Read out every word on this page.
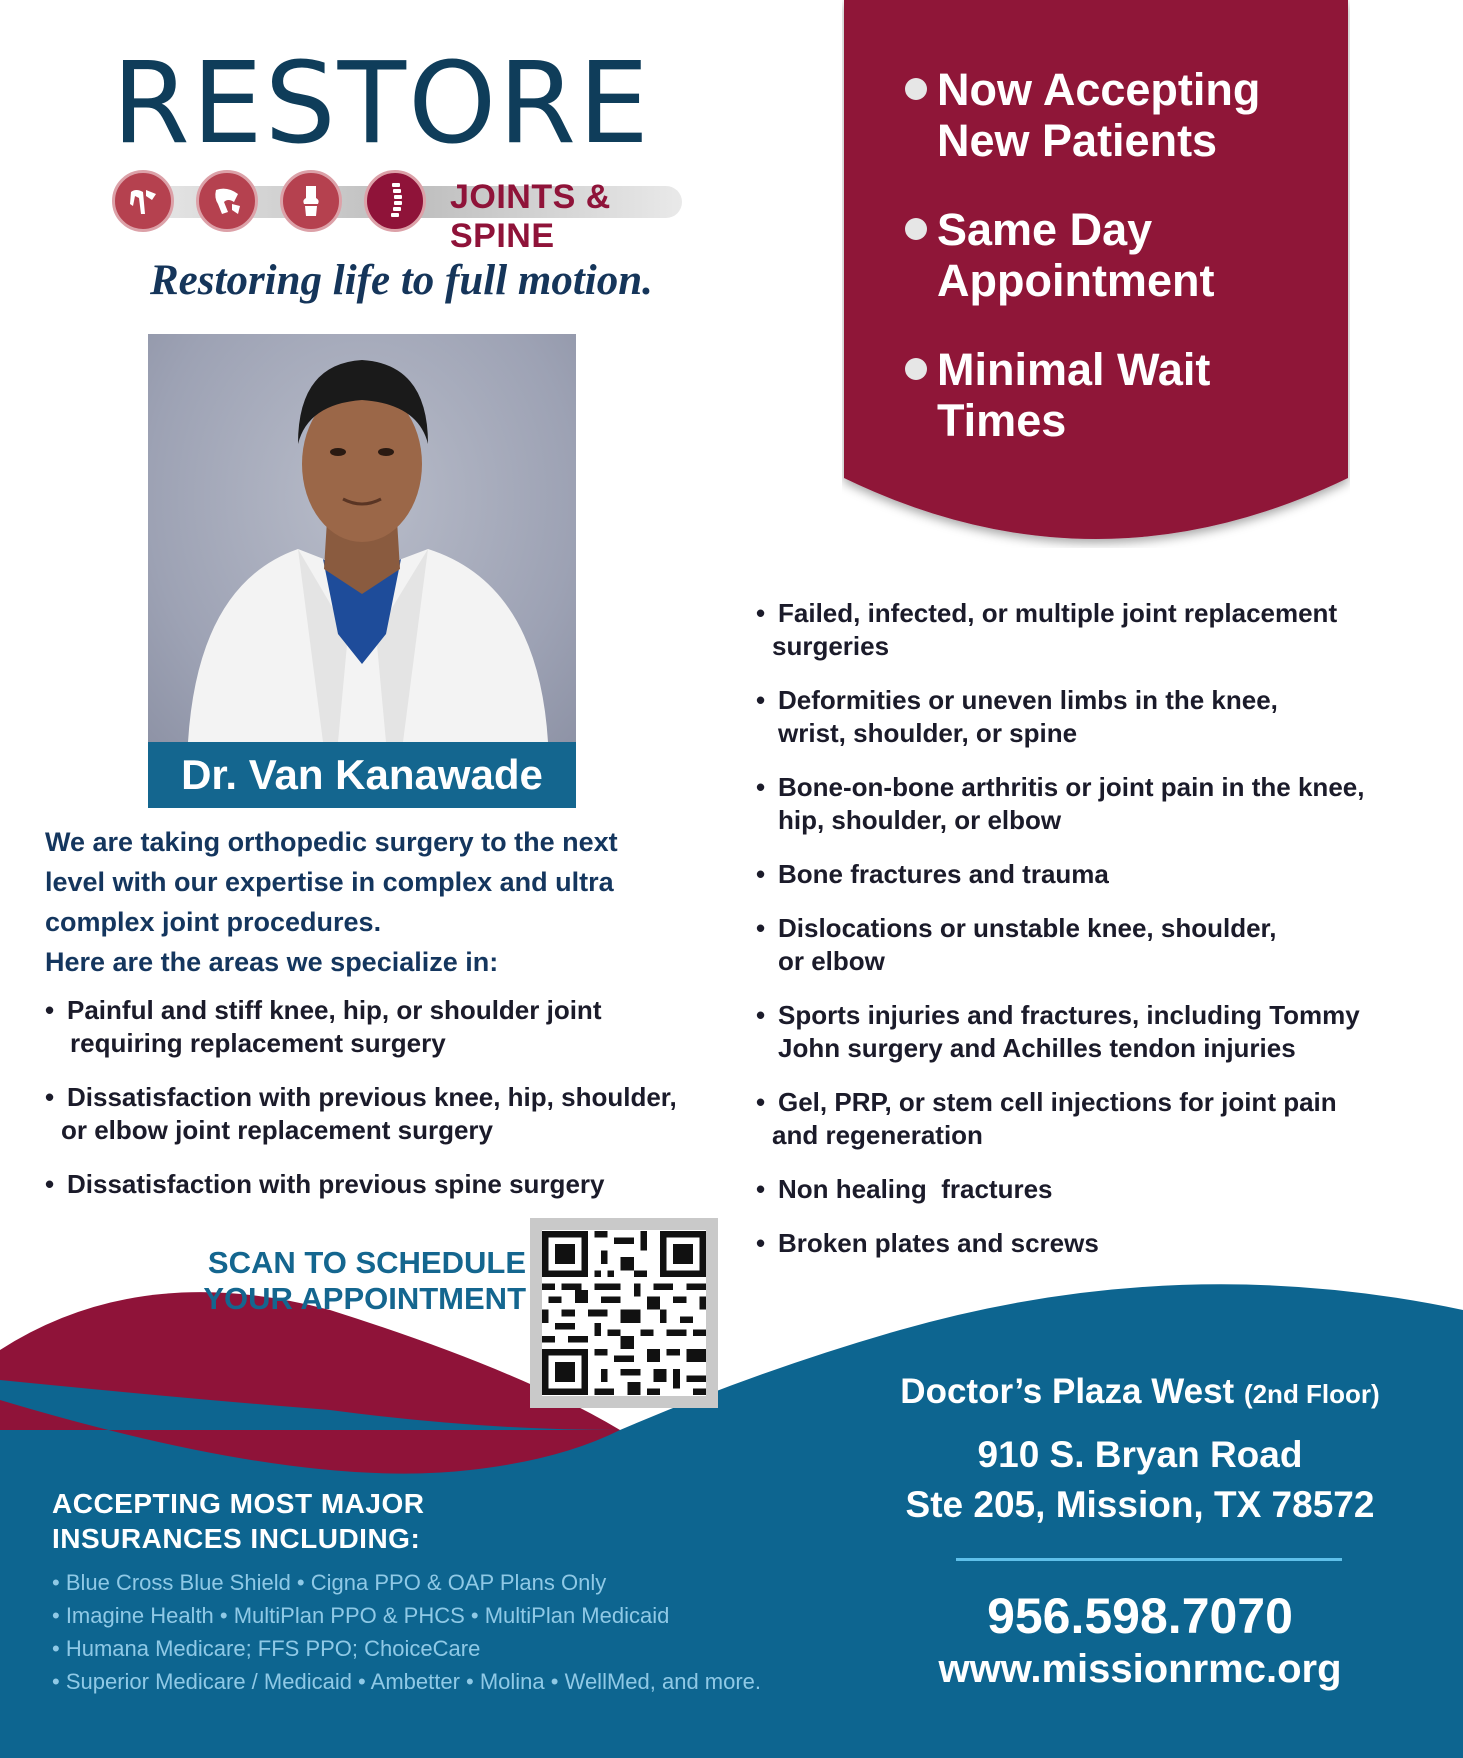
RESTORE
JOINTS & SPINE
Restoring life to full motion.
Dr. Van Kanawade
Now Accepting
New Patients
Same Day
Appointment
Minimal Wait
Times
We are taking orthopedic surgery to the next
level with our expertise in complex and ultra
complex joint procedures.
Here are the areas we specialize in:
• Painful and stiff knee, hip, or shoulder joint
requiring replacement surgery
• Dissatisfaction with previous knee, hip, shoulder,
or elbow joint replacement surgery
• Dissatisfaction with previous spine surgery
• Failed, infected, or multiple joint replacement
surgeries
• Deformities or uneven limbs in the knee,
wrist, shoulder, or spine
• Bone-on-bone arthritis or joint pain in the knee,
hip, shoulder, or elbow
• Bone fractures and trauma
• Dislocations or unstable knee, shoulder,
or elbow
• Sports injuries and fractures, including Tommy
John surgery and Achilles tendon injuries
• Gel, PRP, or stem cell injections for joint pain
and regeneration
• Non healing  fractures
• Broken plates and screws
SCAN TO SCHEDULE
YOUR APPOINTMENT
ACCEPTING MOST MAJOR
INSURANCES INCLUDING:
• Blue Cross Blue Shield • Cigna PPO & OAP Plans Only
• Imagine Health • MultiPlan PPO & PHCS • MultiPlan Medicaid
• Humana Medicare; FFS PPO; ChoiceCare
• Superior Medicare / Medicaid • Ambetter • Molina • WellMed, and more.
Doctor’s Plaza West (2nd Floor)
910 S. Bryan Road
Ste 205, Mission, TX 78572
956.598.7070
www.missionrmc.org
